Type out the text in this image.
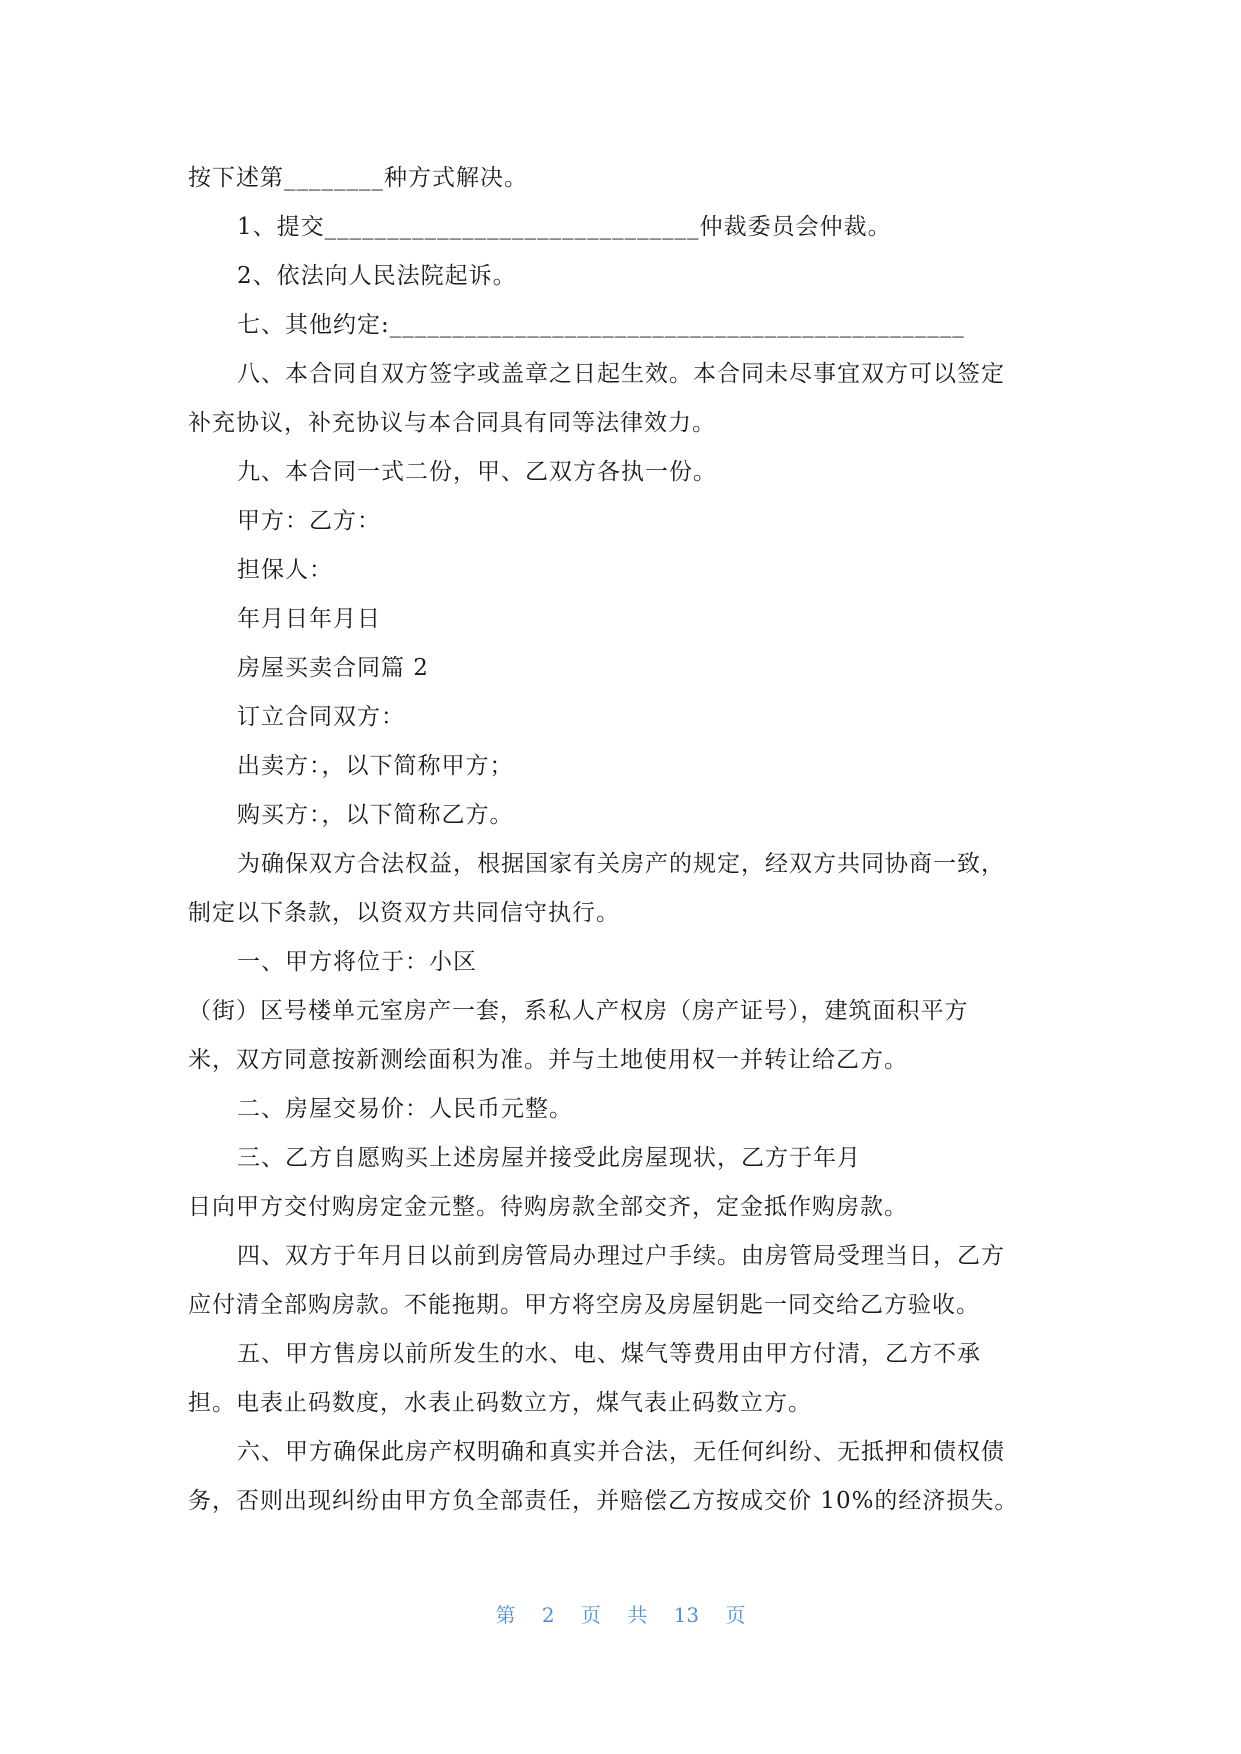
按下述第________种方式解决。
1、提交______________________________仲裁委员会仲裁。
2、依法向人民法院起诉。
七、其他约定:______________________________________________
八、本合同自双方签字或盖章之日起生效。本合同未尽事宜双方可以签定
补充协议，补充协议与本合同具有同等法律效力。
九、本合同一式二份，甲、乙双方各执一份。
甲方：乙方：
担保人：
年月日年月日
房屋买卖合同篇 2
订立合同双方：
出卖方：，以下简称甲方；
购买方：，以下简称乙方。
为确保双方合法权益，根据国家有关房产的规定，经双方共同协商一致，
制定以下条款，以资双方共同信守执行。
一、甲方将位于：小区
（街）区号楼单元室房产一套，系私人产权房（房产证号），建筑面积平方
米，双方同意按新测绘面积为准。并与土地使用权一并转让给乙方。
二、房屋交易价：人民币元整。
三、乙方自愿购买上述房屋并接受此房屋现状，乙方于年月
日向甲方交付购房定金元整。待购房款全部交齐，定金抵作购房款。
四、双方于年月日以前到房管局办理过户手续。由房管局受理当日，乙方
应付清全部购房款。不能拖期。甲方将空房及房屋钥匙一同交给乙方验收。
五、甲方售房以前所发生的水、电、煤气等费用由甲方付清，乙方不承
担。电表止码数度，水表止码数立方，煤气表止码数立方。
六、甲方确保此房产权明确和真实并合法，无任何纠纷、无抵押和债权债
务，否则出现纠纷由甲方负全部责任，并赔偿乙方按成交价 10%的经济损失。
第 2 页 共 13 页
